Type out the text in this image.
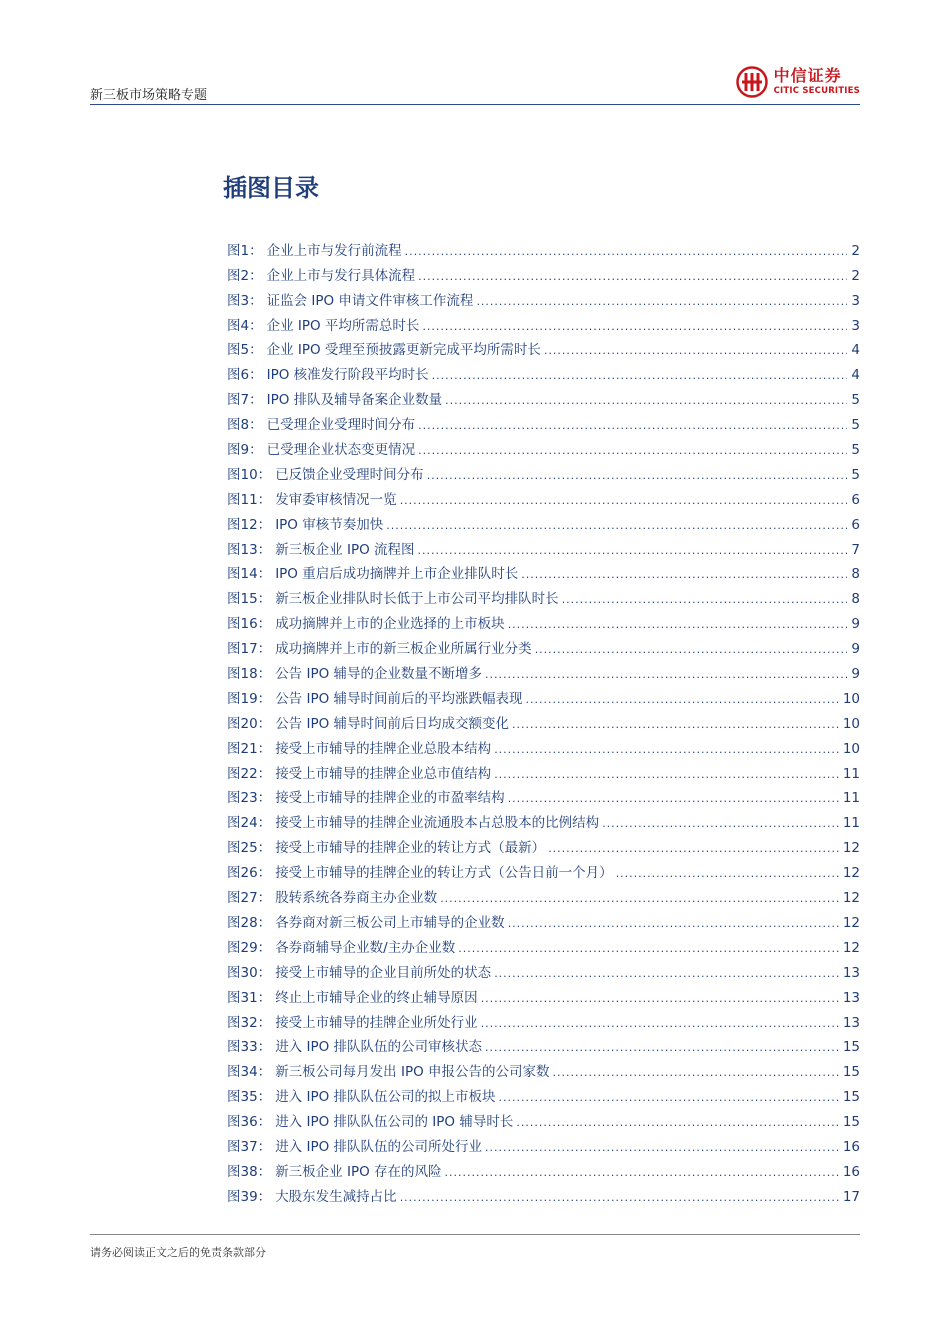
新三板市场策略专题
中信证券
CITIC SECURITIES
插图目录
图 1： 企业上市与发行前流程 .....	2
图 2： 企业上市与发行具体流程 .....	2
图 3： 证监会 IPO 申请文件审核工作流程 .....	3
图 4： 企业 IPO 平均所需总时长 .....	3
图 5： 企业 IPO 受理至预披露更新完成平均所需时长 .....	4
图 6： IPO 核准发行阶段平均时长 .....	4
图 7： IPO 排队及辅导备案企业数量 .....	5
图 8： 已受理企业受理时间分布 .....	5
图 9： 已受理企业状态变更情况 .....	5
图 10： 已反馈企业受理时间分布 .....	5
图 11： 发审委审核情况一览 .....	6
图 12： IPO 审核节奏加快 .....	6
图 13： 新三板企业 IPO 流程图 .....	7
图 14： IPO 重启后成功摘牌并上市企业排队时长 .....	8
图 15： 新三板企业排队时长低于上市公司平均排队时长 .....	8
图 16： 成功摘牌并上市的企业选择的上市板块 .....	9
图 17： 成功摘牌并上市的新三板企业所属行业分类 .....	9
图 18： 公告 IPO 辅导的企业数量不断增多 .....	9
图 19： 公告 IPO 辅导时间前后的平均涨跌幅表现 .....	10
图 20： 公告 IPO 辅导时间前后日均成交额变化 .....	10
图 21： 接受上市辅导的挂牌企业总股本结构 .....	10
图 22： 接受上市辅导的挂牌企业总市值结构 .....	11
图 23： 接受上市辅导的挂牌企业的市盈率结构 .....	11
图 24： 接受上市辅导的挂牌企业流通股本占总股本的比例结构 .....	11
图 25： 接受上市辅导的挂牌企业的转让方式（最新） .....	12
图 26： 接受上市辅导的挂牌企业的转让方式（公告日前一个月） .....	12
图 27： 股转系统各券商主办企业数 .....	12
图 28： 各券商对新三板公司上市辅导的企业数 .....	12
图 29： 各券商辅导企业数/主办企业数 .....	12
图 30： 接受上市辅导的企业目前所处的状态 .....	13
图 31： 终止上市辅导企业的终止辅导原因 .....	13
图 32： 接受上市辅导的挂牌企业所处行业 .....	13
图 33： 进入 IPO 排队队伍的公司审核状态 .....	15
图 34： 新三板公司每月发出 IPO 申报公告的公司家数 .....	15
图 35： 进入 IPO 排队队伍公司的拟上市板块 .....	15
图 36： 进入 IPO 排队队伍公司的 IPO 辅导时长 .....	15
图 37： 进入 IPO 排队队伍的公司所处行业 .....	16
图 38： 新三板企业 IPO 存在的风险 .....	16
图 39： 大股东发生减持占比 .....	17
请务必阅读正文之后的免责条款部分
